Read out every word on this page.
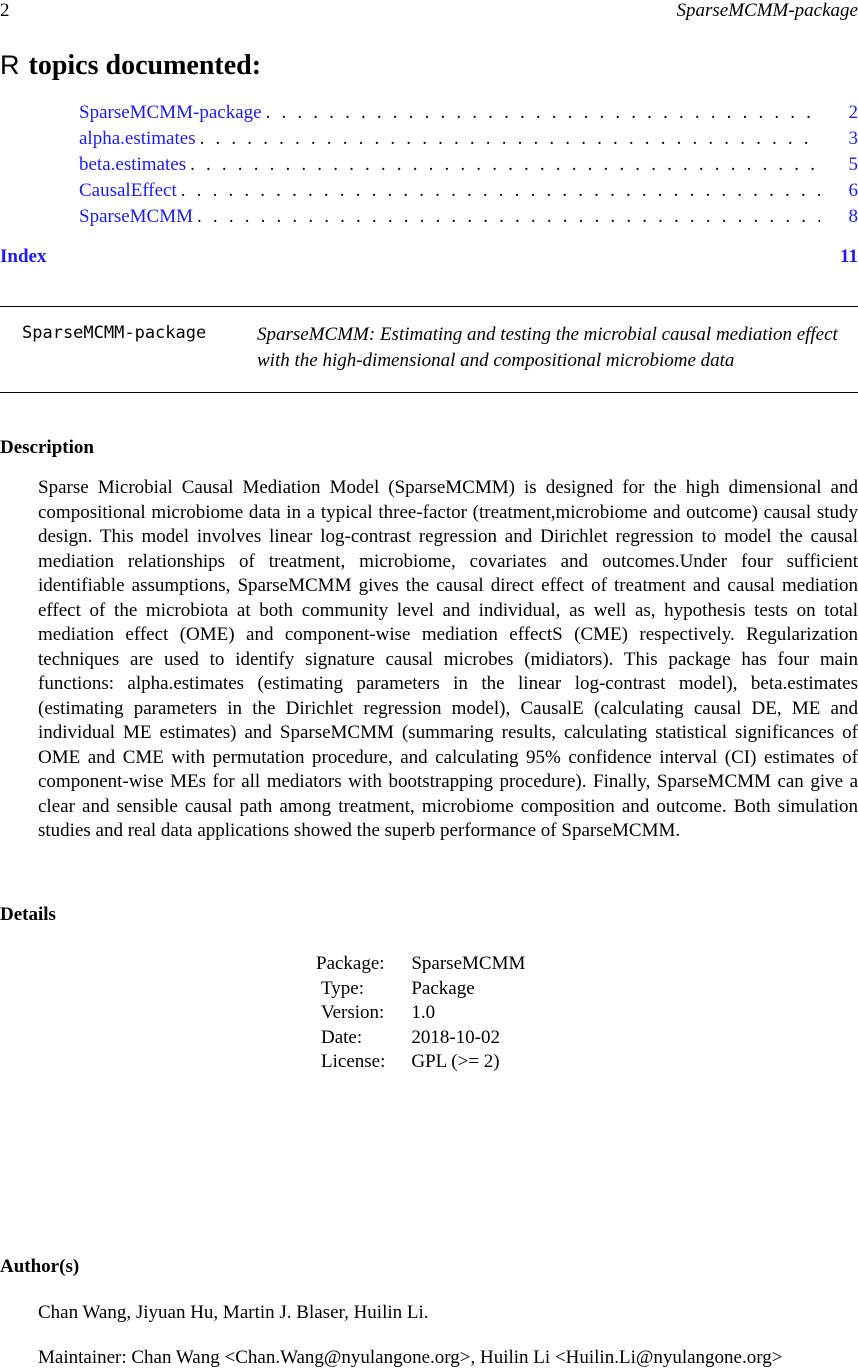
2	SparseMCMM-package
R topics documented:
SparseMCMM-package . . .	2
alpha.estimates . . .	3
beta.estimates . . .	5
CausalEffect . . .	6
SparseMCMM . . .	8
Index	11
SparseMCMM-package	SparseMCMM: Estimating and testing the microbial causal mediation effect with the high-dimensional and compositional microbiome data
Description
Sparse Microbial Causal Mediation Model (SparseMCMM) is designed for the high dimensional and compositional microbiome data in a typical three-factor (treatment,microbiome and outcome) causal study design. This model involves linear log-contrast regression and Dirichlet regression to model the causal mediation relationships of treatment, microbiome, covariates and outcomes.Under four sufficient identifiable assumptions, SparseMCMM gives the causal direct effect of treatment and causal mediation effect of the microbiota at both community level and individual, as well as, hypothesis tests on total mediation effect (OME) and component-wise mediation effectS (CME) respectively. Regularization techniques are used to identify signature causal microbes (midiators). This package has four main functions: alpha.estimates (estimating parameters in the linear log-contrast model), beta.estimates (estimating parameters in the Dirichlet regression model), CausalE (calculating causal DE, ME and individual ME estimates) and SparseMCMM (summaring results, calculating statistical significances of OME and CME with permutation procedure, and calculating 95% confidence interval (CI) estimates of component-wise MEs for all mediators with bootstrapping procedure). Finally, SparseMCMM can give a clear and sensible causal path among treatment, microbiome composition and outcome. Both simulation studies and real data applications showed the superb performance of SparseMCMM.
Details
Package:	SparseMCMM
Type:	Package
Version:	1.0
Date:	2018-10-02
License:	GPL (>= 2)
Author(s)
Chan Wang, Jiyuan Hu, Martin J. Blaser, Huilin Li.
Maintainer: Chan Wang <Chan.Wang@nyulangone.org>, Huilin Li <Huilin.Li@nyulangone.org>
